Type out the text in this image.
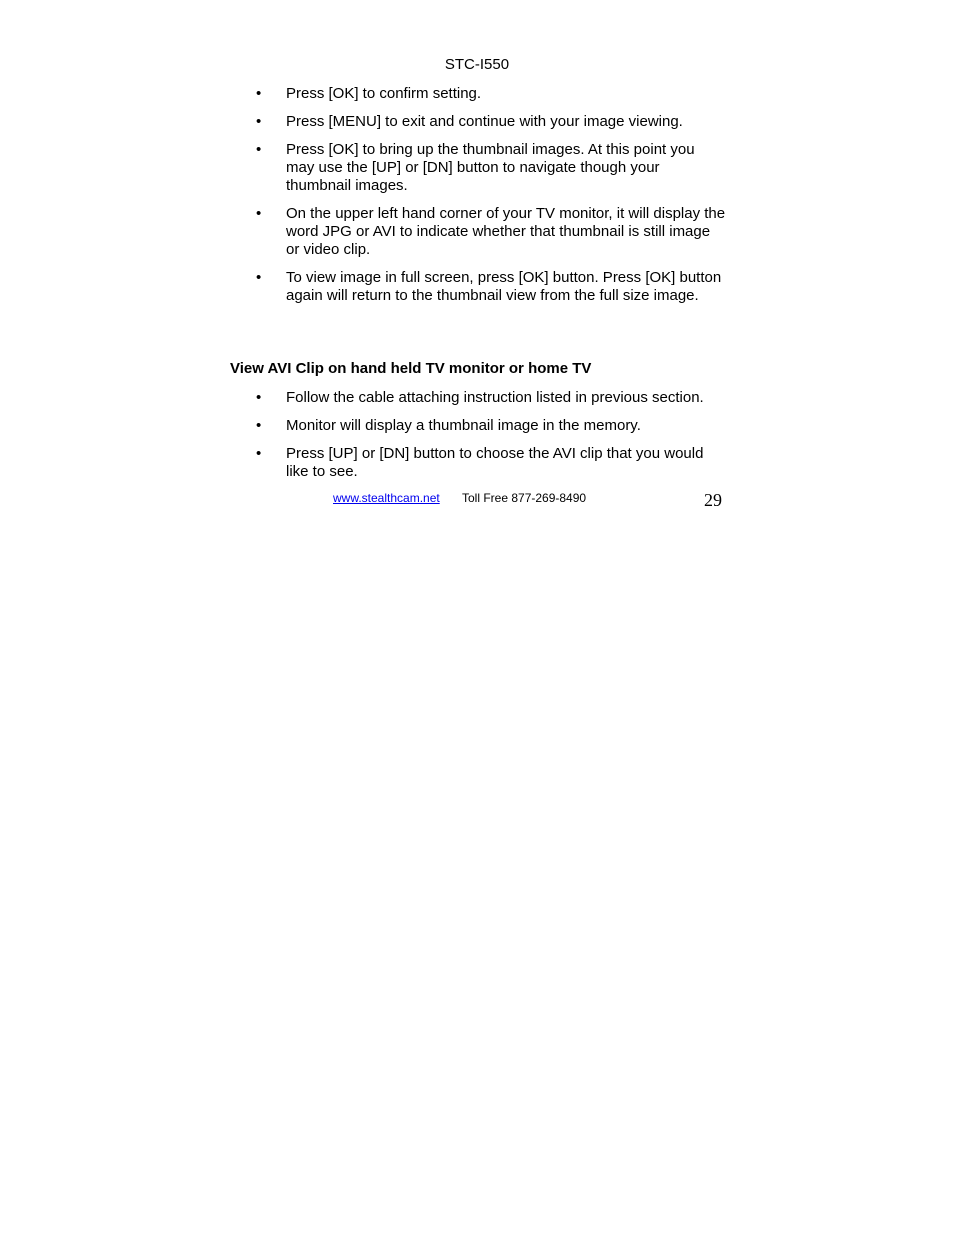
STC-I550
•	Press [OK] to confirm setting.
•	Press [MENU] to exit and continue with your image viewing.
•	Press [OK] to bring up the thumbnail images. At this point you may use the [UP] or [DN] button to navigate though your thumbnail images.
•	On the upper left hand corner of your TV monitor, it will display the word JPG or AVI to indicate whether that thumbnail is still image or video clip.
•	To view image in full screen, press [OK] button. Press [OK] button again will return to the thumbnail view from the full size image.
View AVI Clip on hand held TV monitor or home TV
•	Follow the cable attaching instruction listed in previous section.
•	Monitor will display a thumbnail image in the memory.
•	Press [UP] or [DN] button to choose the AVI clip that you would like to see.
www.stealthcam.net Toll Free 877-269-8490	29
